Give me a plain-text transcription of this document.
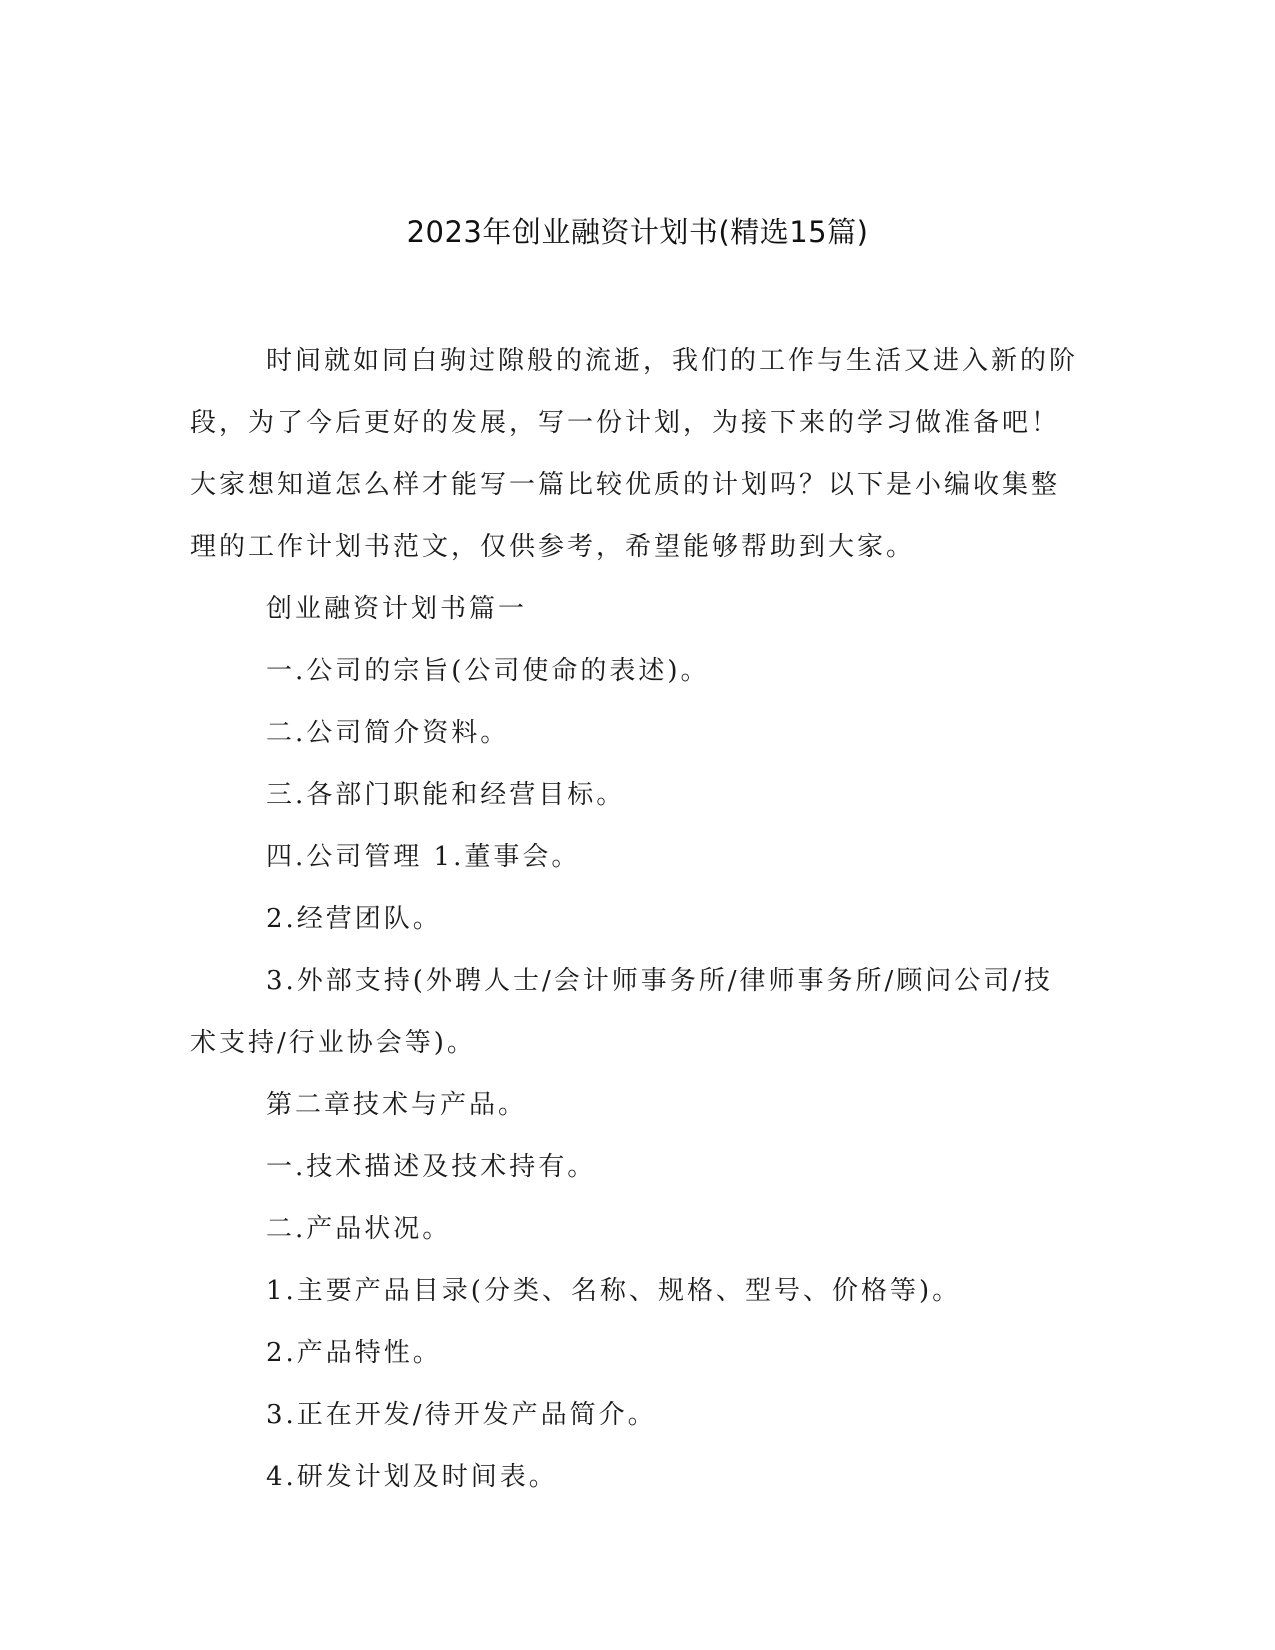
2023年创业融资计划书(精选15篇)

时间就如同白驹过隙般的流逝，我们的工作与生活又进入新的阶段，为了今后更好的发展，写一份计划，为接下来的学习做准备吧！大家想知道怎么样才能写一篇比较优质的计划吗？以下是小编收集整理的工作计划书范文，仅供参考，希望能够帮助到大家。

创业融资计划书篇一

一.公司的宗旨(公司使命的表述)。

二.公司简介资料。

三.各部门职能和经营目标。

四.公司管理 1.董事会。

2.经营团队。

3.外部支持(外聘人士/会计师事务所/律师事务所/顾问公司/技术支持/行业协会等)。

第二章技术与产品。

一.技术描述及技术持有。

二.产品状况。

1.主要产品目录(分类、名称、规格、型号、价格等)。

2.产品特性。

3.正在开发/待开发产品简介。

4.研发计划及时间表。
